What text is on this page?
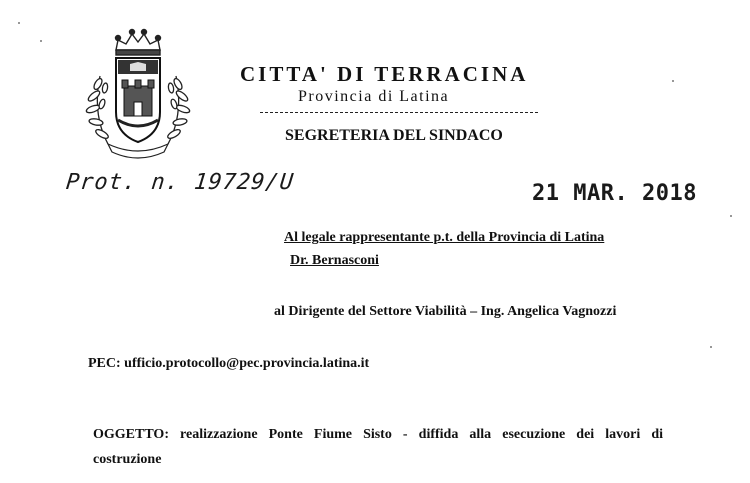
CITTA' DI TERRACINA
Provincia di Latina
SEGRETERIA DEL SINDACO
Prot. n. 19729/U	21 MAR. 2018
Al legale rappresentante p.t. della Provincia di Latina
Dr. Bernasconi
al Dirigente del Settore Viabilità – Ing. Angelica Vagnozzi
PEC: ufficio.protocollo@pec.provincia.latina.it
OGGETTO: realizzazione Ponte Fiume Sisto - diffida alla esecuzione dei lavori di
costruzione
